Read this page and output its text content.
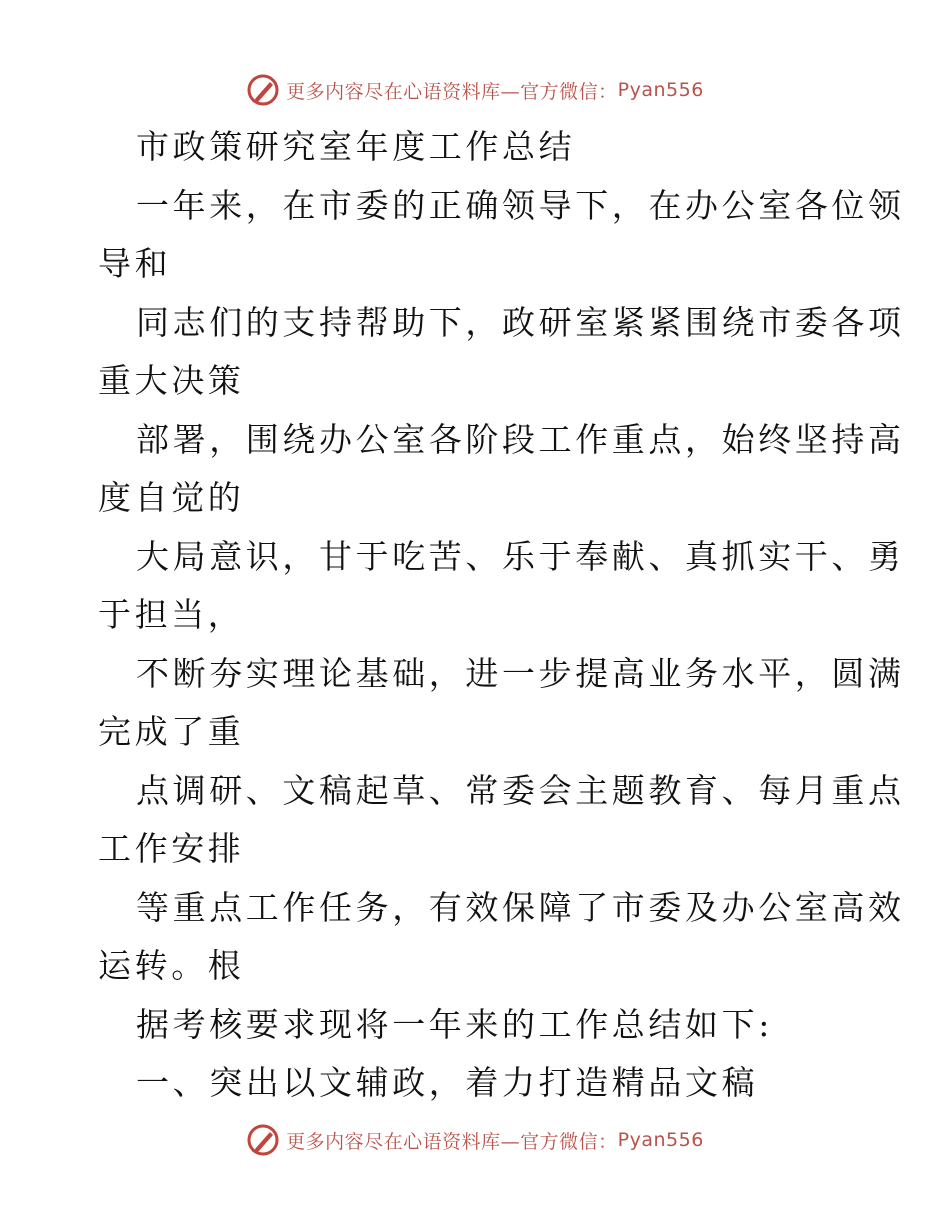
更多内容尽在心语资料库—官方微信： Pyan556
市政策研究室年度工作总结
一年来，在市委的正确领导下，在办公室各位领
导和
同志们的支持帮助下，政研室紧紧围绕市委各项
重大决策
部署，围绕办公室各阶段工作重点，始终坚持高
度自觉的
大局意识，甘于吃苦、乐于奉献、真抓实干、勇
于担当，
不断夯实理论基础，进一步提高业务水平，圆满
完成了重
点调研、文稿起草、常委会主题教育、每月重点
工作安排
等重点工作任务，有效保障了市委及办公室高效
运转。根
据考核要求现将一年来的工作总结如下:
一、突出以文辅政，着力打造精品文稿
更多内容尽在心语资料库—官方微信： Pyan556
